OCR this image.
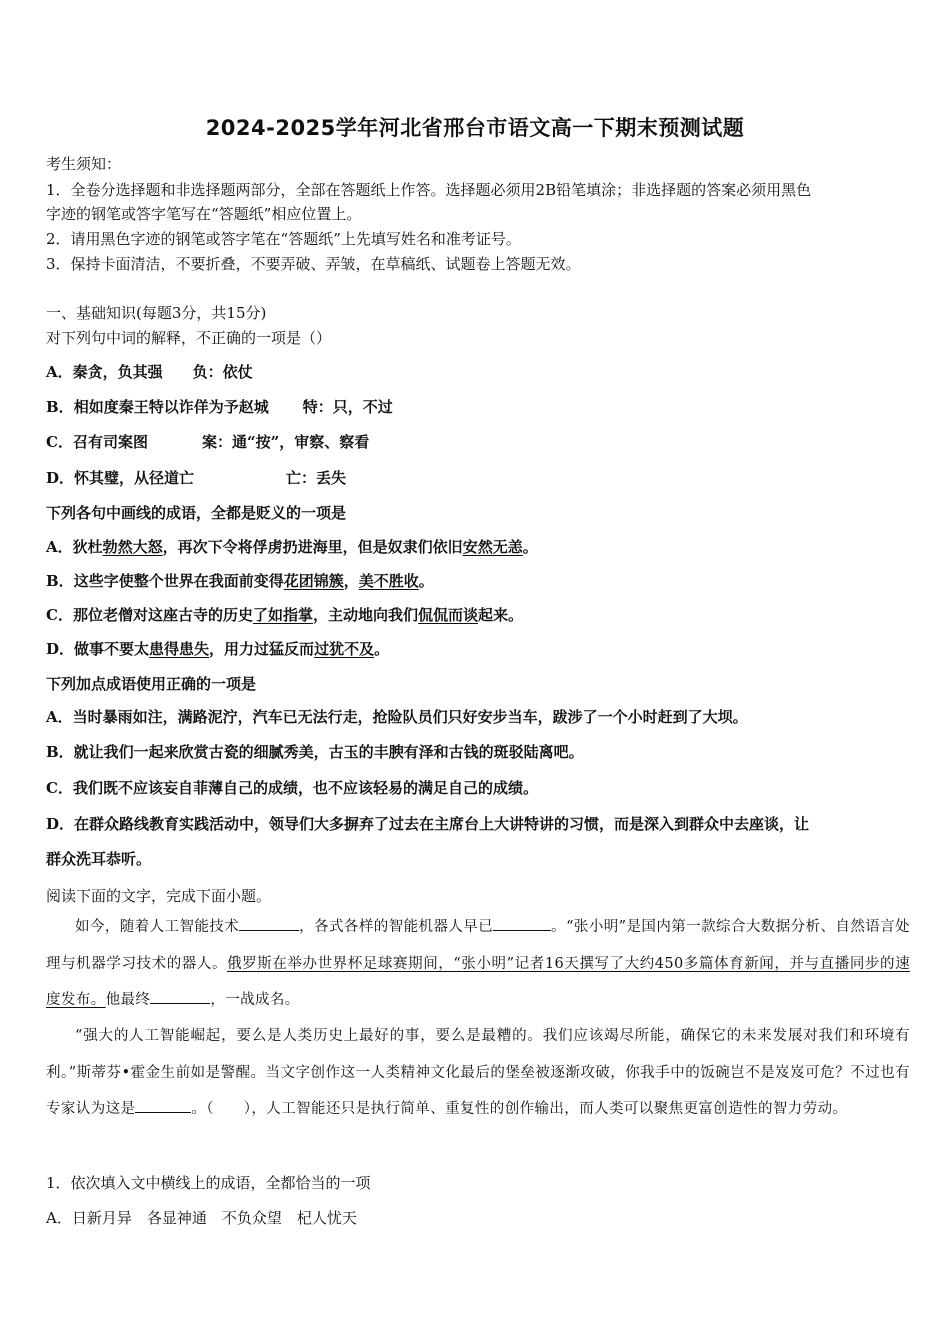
2024-2025学年河北省邢台市语文高一下期末预测试题
考生须知：
1．全卷分选择题和非选择题两部分，全部在答题纸上作答。选择题必须用2B铅笔填涂；非选择题的答案必须用黑色
字迹的钢笔或答字笔写在“答题纸”相应位置上。
2．请用黑色字迹的钢笔或答字笔在“答题纸”上先填写姓名和准考证号。
3．保持卡面清洁，不要折叠，不要弄破、弄皱，在草稿纸、试题卷上答题无效。
一、基础知识(每题3分，共15分)
对下列句中词的解释，不正确的一项是（）
A．秦贪，负其强 负：依仗
B．相如度秦王特以诈佯为予赵城 特：只，不过
C．召有司案图	案：通“按”，审察、察看
D．怀其璧，从径道亡	亡：丢失
下列各句中画线的成语，全都是贬义的一项是
A．狄杜勃然大怒，再次下令将俘虏扔进海里，但是奴隶们依旧安然无恙。
B．这些字使整个世界在我面前变得花团锦簇，美不胜收。
C．那位老僧对这座古寺的历史了如指掌，主动地向我们侃侃而谈起来。
D．做事不要太患得患失，用力过猛反而过犹不及。
下列加点成语使用正确的一项是
A．当时暴雨如注，满路泥泞，汽车已无法行走，抢险队员们只好安步当车，跋涉了一个小时赶到了大坝。
B．就让我们一起来欣赏古瓷的细腻秀美，古玉的丰腴有泽和古钱的斑驳陆离吧。
C．我们既不应该妄自菲薄自己的成绩，也不应该轻易的满足自己的成绩。
D．在群众路线教育实践活动中，领导们大多摒弃了过去在主席台上大讲特讲的习惯，而是深入到群众中去座谈，让
群众洗耳恭听。
阅读下面的文字，完成下面小题。
如今，随着人工智能技术	，各式各样的智能机器人早已	。“张小明”是国内第一款综合大数据分析、自然语言处理与机器学习技术的器人。俄罗斯在举办世界杯足球赛期间，“张小明”记者16天撰写了大约450多篇体育新闻，并与直播同步的速度发布。他最终	，一战成名。
“强大的人工智能崛起，要么是人类历史上最好的事，要么是最糟的。我们应该竭尽所能，确保它的未来发展对我们和环境有利。”斯蒂芬•霍金生前如是警醒。当文字创作这一人类精神文化最后的堡垒被逐渐攻破，你我手中的饭碗岂不是岌岌可危？不过也有专家认为这是	。（　　），人工智能还只是执行简单、重复性的创作输出，而人类可以聚焦更富创造性的智力劳动。
1．依次填入文中横线上的成语，全都恰当的一项
A．日新月异　各显神通　不负众望　杞人忧天
